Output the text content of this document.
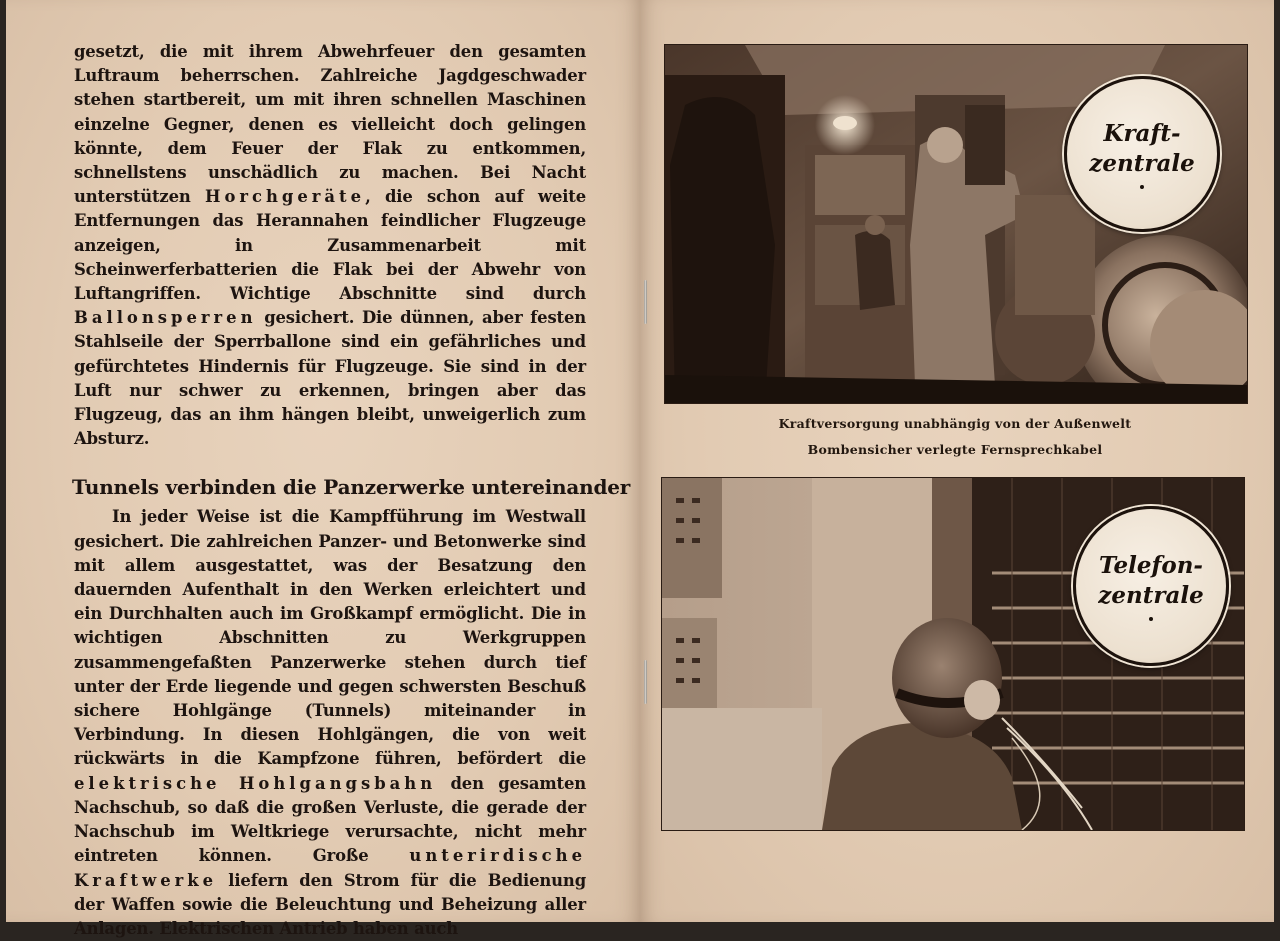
gesetzt, die mit ihrem Abwehrfeuer den gesamten Luftraum beherrschen. Zahlreiche Jagdgeschwader stehen startbereit, um mit ihren schnellen Maschinen einzelne Gegner, denen es vielleicht doch gelingen könnte, dem Feuer der Flak zu entkommen, schnellstens unschädlich zu machen. Bei Nacht unterstützen Horchgeräte, die schon auf weite Entfernungen das Herannahen feindlicher Flugzeuge anzeigen, in Zusammenarbeit mit Scheinwerferbatterien die Flak bei der Abwehr von Luftangriffen. Wichtige Abschnitte sind durch Ballonsperren gesichert. Die dünnen, aber festen Stahlseile der Sperrballone sind ein gefährliches und gefürchtetes Hindernis für Flugzeuge. Sie sind in der Luft nur schwer zu erkennen, bringen aber das Flugzeug, das an ihm hängen bleibt, unweigerlich zum Absturz.

Tunnels verbinden die Panzerwerke untereinander

In jeder Weise ist die Kampfführung im Westwall gesichert. Die zahlreichen Panzer- und Betonwerke sind mit allem ausgestattet, was der Besatzung den dauernden Aufenthalt in den Werken erleichtert und ein Durchhalten auch im Großkampf ermöglicht. Die in wichtigen Abschnitten zu Werkgruppen zusammengefaßten Panzerwerke stehen durch tief unter der Erde liegende und gegen schwersten Beschuß sichere Hohlgänge (Tunnels) miteinander in Verbindung. In diesen Hohlgängen, die von weit rückwärts in die Kampfzone führen, befördert die elektrische Hohlgangsbahn den gesamten Nachschub, so daß die großen Verluste, die gerade der Nachschub im Weltkriege verursachte, nicht mehr eintreten können. Große unterirdische Kraftwerke liefern den Strom für die Bedienung der Waffen sowie die Beleuchtung und Beheizung aller Anlagen. Elektrischen Antrieb haben auch

Kraft-
zentrale
Kraftversorgung unabhängig von der Außenwelt
Bombensicher verlegte Fernsprechkabel
Telefon-
zentrale
